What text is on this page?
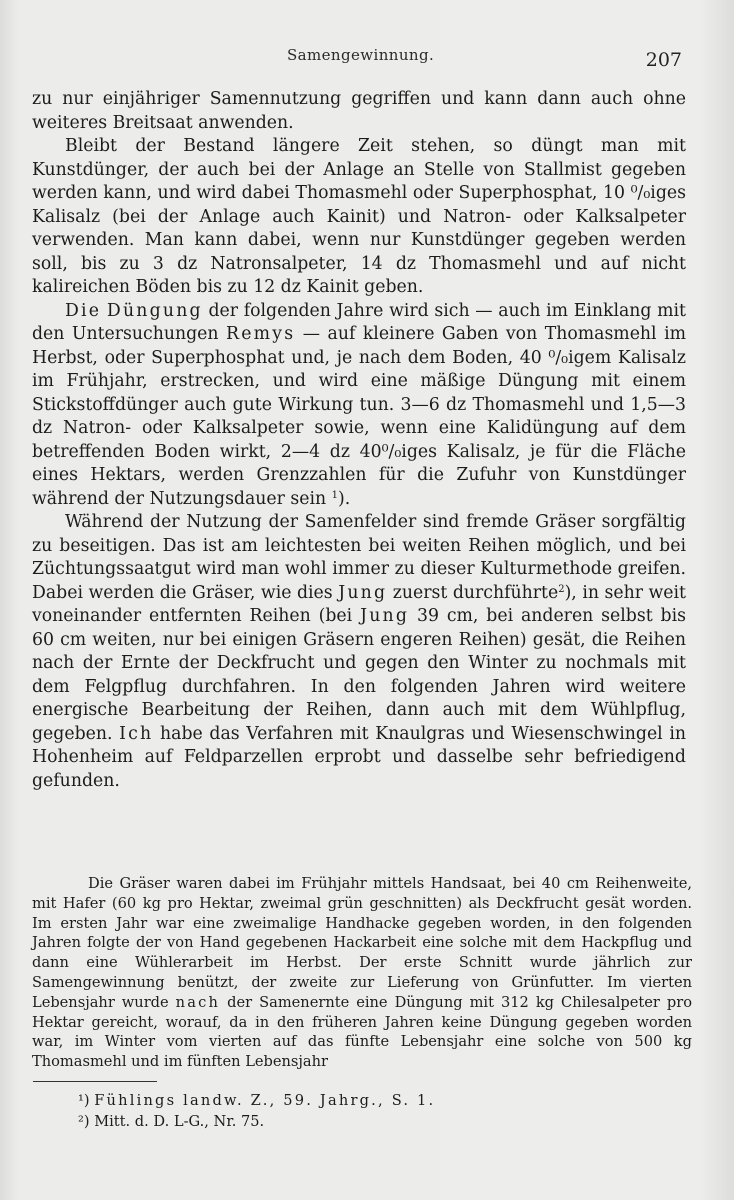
Samengewinnung.	207

zu nur einjähriger Samennutzung gegriffen und kann dann auch ohne weiteres Breitsaat anwenden.

Bleibt der Bestand längere Zeit stehen, so düngt man mit Kunstdünger, der auch bei der Anlage an Stelle von Stallmist gegeben werden kann, und wird dabei Thomasmehl oder Superphosphat, 10 ⁰/₀iges Kalisalz (bei der Anlage auch Kainit) und Natron- oder Kalksalpeter verwenden. Man kann dabei, wenn nur Kunstdünger gegeben werden soll, bis zu 3 dz Natronsalpeter, 14 dz Thomasmehl und auf nicht kalireichen Böden bis zu 12 dz Kainit geben.

Die Düngung der folgenden Jahre wird sich — auch im Einklang mit den Untersuchungen Remys — auf kleinere Gaben von Thomasmehl im Herbst, oder Superphosphat und, je nach dem Boden, 40 ⁰/₀igem Kalisalz im Frühjahr, erstrecken, und wird eine mäßige Düngung mit einem Stickstoffdünger auch gute Wirkung tun. 3—6 dz Thomasmehl und 1,5—3 dz Natron- oder Kalksalpeter sowie, wenn eine Kalidüngung auf dem betreffenden Boden wirkt, 2—4 dz 40⁰/₀iges Kalisalz, je für die Fläche eines Hektars, werden Grenzzahlen für die Zufuhr von Kunstdünger während der Nutzungsdauer sein $^1$).

Während der Nutzung der Samenfelder sind fremde Gräser sorgfältig zu beseitigen. Das ist am leichtesten bei weiten Reihen möglich, und bei Züchtungssaatgut wird man wohl immer zu dieser Kulturmethode greifen. Dabei werden die Gräser, wie dies Jung zuerst durchführte$^2$), in sehr weit voneinander entfernten Reihen (bei Jung 39 cm, bei anderen selbst bis 60 cm weiten, nur bei einigen Gräsern engeren Reihen) gesät, die Reihen nach der Ernte der Deckfrucht und gegen den Winter zu nochmals mit dem Felgpflug durchfahren. In den folgenden Jahren wird weitere energische Bearbeitung der Reihen, dann auch mit dem Wühlpflug, gegeben. Ich habe das Verfahren mit Knaulgras und Wiesenschwingel in Hohenheim auf Feldparzellen erprobt und dasselbe sehr befriedigend gefunden.

Die Gräser waren dabei im Frühjahr mittels Handsaat, bei 40 cm Reihenweite, mit Hafer (60 kg pro Hektar, zweimal grün geschnitten) als Deckfrucht gesät worden. Im ersten Jahr war eine zweimalige Handhacke gegeben worden, in den folgenden Jahren folgte der von Hand gegebenen Hackarbeit eine solche mit dem Hackpflug und dann eine Wühlerarbeit im Herbst. Der erste Schnitt wurde jährlich zur Samengewinnung benützt, der zweite zur Lieferung von Grünfutter. Im vierten Lebensjahr wurde nach der Samenernte eine Düngung mit 312 kg Chilesalpeter pro Hektar gereicht, worauf, da in den früheren Jahren keine Düngung gegeben worden war, im Winter vom vierten auf das fünfte Lebensjahr eine solche von 500 kg Thomasmehl und im fünften Lebensjahr
¹) Fühlings landw. Z., 59. Jahrg., S. 1.
²) Mitt. d. D. L-G., Nr. 75.
